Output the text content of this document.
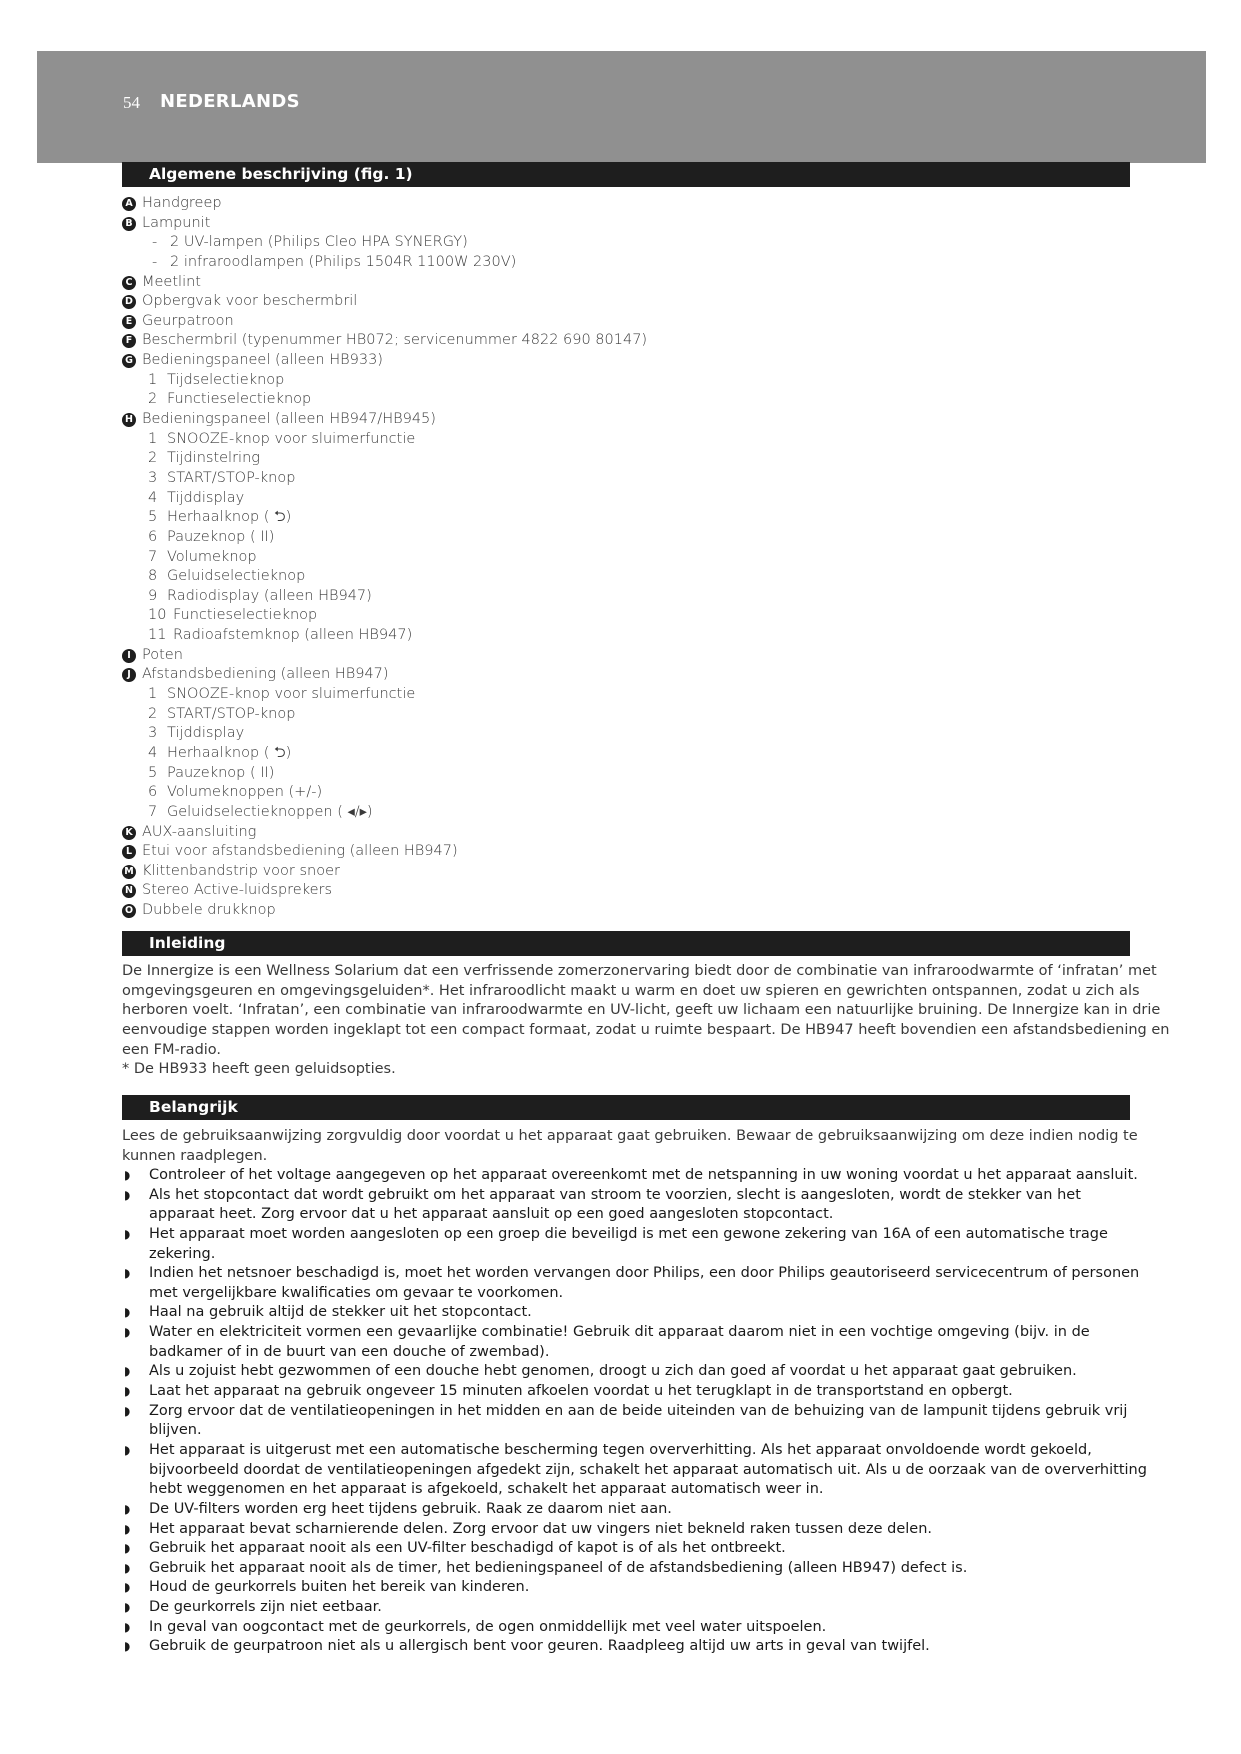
54 NEDERLANDS
Algemene beschrijving (fig. 1)
A Handgreep
B Lampunit
- 2 UV-lampen (Philips Cleo HPA SYNERGY)
- 2 infraroodlampen (Philips 1504R 1100W 230V)
C Meetlint
D Opbergvak voor beschermbril
E Geurpatroon
F Beschermbril (typenummer HB072; servicenummer 4822 690 80147)
G Bedieningspaneel (alleen HB933)
1 Tijdselectieknop
2 Functieselectieknop
H Bedieningspaneel (alleen HB947/HB945)
1 SNOOZE-knop voor sluimerfunctie
2 Tijdinstelring
3 START/STOP-knop
4 Tijddisplay
5 Herhaalknop ( ⮌)
6 Pauzeknop ( II)
7 Volumeknop
8 Geluidselectieknop
9 Radiodisplay (alleen HB947)
10 Functieselectieknop
11 Radioafstemknop (alleen HB947)
I Poten
J Afstandsbediening (alleen HB947)
1 SNOOZE-knop voor sluimerfunctie
2 START/STOP-knop
3 Tijddisplay
4 Herhaalknop ( ⮌)
5 Pauzeknop ( II)
6 Volumeknoppen (+/-)
7 Geluidselectieknoppen ( ◂/▸)
K AUX-aansluiting
L Etui voor afstandsbediening (alleen HB947)
M Klittenbandstrip voor snoer
N Stereo Active-luidsprekers
O Dubbele drukknop
Inleiding
De Innergize is een Wellness Solarium dat een verfrissende zomerzonervaring biedt door de combinatie van infraroodwarmte of ‘infratan’ met
omgevingsgeuren en omgevingsgeluiden*. Het infraroodlicht maakt u warm en doet uw spieren en gewrichten ontspannen, zodat u zich als
herboren voelt. ‘Infratan’, een combinatie van infraroodwarmte en UV-licht, geeft uw lichaam een natuurlijke bruining. De Innergize kan in drie
eenvoudige stappen worden ingeklapt tot een compact formaat, zodat u ruimte bespaart. De HB947 heeft bovendien een afstandsbediening en
een FM-radio.
* De HB933 heeft geen geluidsopties.
Belangrijk
Lees de gebruiksaanwijzing zorgvuldig door voordat u het apparaat gaat gebruiken. Bewaar de gebruiksaanwijzing om deze indien nodig te
kunnen raadplegen.
◗ Controleer of het voltage aangegeven op het apparaat overeenkomt met de netspanning in uw woning voordat u het apparaat aansluit.
◗ Als het stopcontact dat wordt gebruikt om het apparaat van stroom te voorzien, slecht is aangesloten, wordt de stekker van het
apparaat heet. Zorg ervoor dat u het apparaat aansluit op een goed aangesloten stopcontact.
◗ Het apparaat moet worden aangesloten op een groep die beveiligd is met een gewone zekering van 16A of een automatische trage
zekering.
◗ Indien het netsnoer beschadigd is, moet het worden vervangen door Philips, een door Philips geautoriseerd servicecentrum of personen
met vergelijkbare kwalificaties om gevaar te voorkomen.
◗ Haal na gebruik altijd de stekker uit het stopcontact.
◗ Water en elektriciteit vormen een gevaarlijke combinatie! Gebruik dit apparaat daarom niet in een vochtige omgeving (bijv. in de
badkamer of in de buurt van een douche of zwembad).
◗ Als u zojuist hebt gezwommen of een douche hebt genomen, droogt u zich dan goed af voordat u het apparaat gaat gebruiken.
◗ Laat het apparaat na gebruik ongeveer 15 minuten afkoelen voordat u het terugklapt in de transportstand en opbergt.
◗ Zorg ervoor dat de ventilatieopeningen in het midden en aan de beide uiteinden van de behuizing van de lampunit tijdens gebruik vrij
blijven.
◗ Het apparaat is uitgerust met een automatische bescherming tegen oververhitting. Als het apparaat onvoldoende wordt gekoeld,
bijvoorbeeld doordat de ventilatieopeningen afgedekt zijn, schakelt het apparaat automatisch uit. Als u de oorzaak van de oververhitting
hebt weggenomen en het apparaat is afgekoeld, schakelt het apparaat automatisch weer in.
◗ De UV-filters worden erg heet tijdens gebruik. Raak ze daarom niet aan.
◗ Het apparaat bevat scharnierende delen. Zorg ervoor dat uw vingers niet bekneld raken tussen deze delen.
◗ Gebruik het apparaat nooit als een UV-filter beschadigd of kapot is of als het ontbreekt.
◗ Gebruik het apparaat nooit als de timer, het bedieningspaneel of de afstandsbediening (alleen HB947) defect is.
◗ Houd de geurkorrels buiten het bereik van kinderen.
◗ De geurkorrels zijn niet eetbaar.
◗ In geval van oogcontact met de geurkorrels, de ogen onmiddellijk met veel water uitspoelen.
◗ Gebruik de geurpatroon niet als u allergisch bent voor geuren. Raadpleeg altijd uw arts in geval van twijfel.
